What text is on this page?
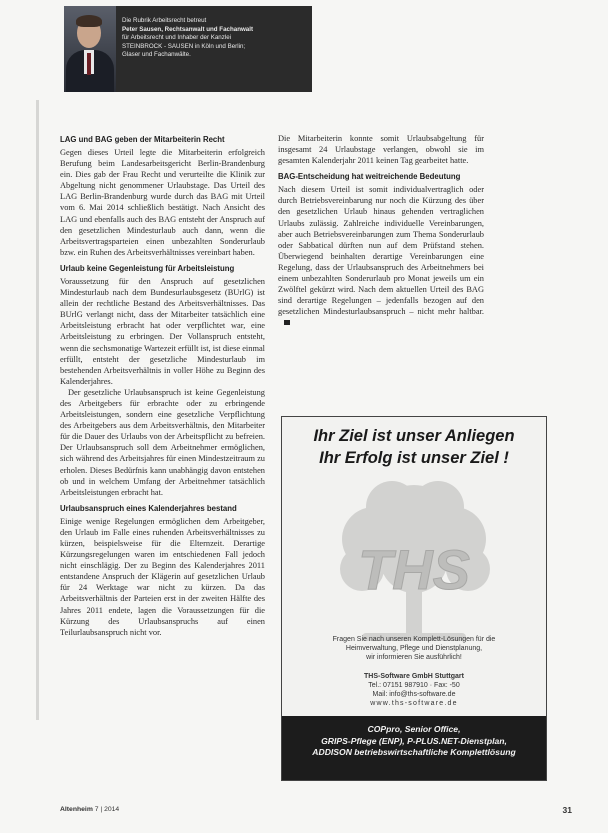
Die Rubrik Arbeitsrecht betreut
Peter Sausen, Rechtsanwalt und Fachanwalt
für Arbeitsrecht und Inhaber der Kanzlei
STEINBROCK - SAUSEN in Köln und Berlin;
Glaser und Fachanwälte.
LAG und BAG geben der Mitarbeiterin Recht

Gegen dieses Urteil legte die Mitarbeiterin erfolgreich Berufung beim Landesarbeitsgericht Berlin-Brandenburg ein. Dies gab der Frau Recht und verurteilte die Klinik zur Abgeltung nicht genommener Urlaubstage. Das Urteil des LAG Berlin-Brandenburg wurde durch das BAG mit Urteil vom 6. Mai 2014 schließlich bestätigt. Nach Ansicht des LAG und ebenfalls auch des BAG entsteht der Anspruch auf den gesetzlichen Mindesturlaub auch dann, wenn die Arbeitsvertragsparteien einen unbezahlten Sonderurlaub bzw. ein Ruhen des Arbeitsverhältnisses vereinbart haben.

Urlaub keine Gegenleistung für Arbeitsleistung

Voraussetzung für den Anspruch auf gesetzlichen Mindesturlaub nach dem Bundesurlaubsgesetz (BUrlG) ist allein der rechtliche Bestand des Arbeitsverhältnisses. Das BUrlG verlangt nicht, dass der Mitarbeiter tatsächlich eine Arbeitsleistung erbracht hat oder verpflichtet war, eine Arbeitsleistung zu erbringen. Der Vollanspruch entsteht, wenn die sechsmonatige Wartezeit erfüllt ist, ist diese einmal erfüllt, entsteht der gesetzliche Mindesturlaub im bestehenden Arbeitsverhältnis in voller Höhe zu Beginn des Kalenderjahres.

Der gesetzliche Urlaubsanspruch ist keine Gegenleistung des Arbeitgebers für erbrachte oder zu erbringende Arbeitsleistungen, sondern eine gesetzliche Verpflichtung des Arbeitgebers aus dem Arbeitsverhältnis, den Mitarbeiter für die Dauer des Urlaubs von der Arbeitspflicht zu befreien. Der Urlaubsanspruch soll dem Arbeitnehmer ermöglichen, sich während des Arbeitsjahres für einen Mindestzeitraum zu erholen. Dieses Bedürfnis kann unabhängig davon entstehen ob und in welchem Umfang der Arbeitnehmer tatsächlich Arbeitsleistungen erbracht hat.

Urlaubsanspruch eines Kalenderjahres bestand

Einige wenige Regelungen ermöglichen dem Arbeitgeber, den Urlaub im Falle eines ruhenden Arbeitsverhältnisses zu kürzen, beispielsweise für die Elternzeit. Derartige Kürzungsregelungen waren im entschiedenen Fall jedoch nicht einschlägig. Der zu Beginn des Kalenderjahres 2011 entstandene Anspruch der Klägerin auf gesetzlichen Urlaub für 24 Werktage war nicht zu kürzen. Da das Arbeitsverhältnis der Parteien erst in der zweiten Hälfte des Jahres 2011 endete, lagen die Voraussetzungen für die Kürzung des Urlaubsanspruchs auf einen Teilurlaubsanspruch nicht vor.

Die Mitarbeiterin konnte somit Urlaubsabgeltung für insgesamt 24 Urlaubstage verlangen, obwohl sie im gesamten Kalenderjahr 2011 keinen Tag gearbeitet hatte.

BAG-Entscheidung hat weitreichende Bedeutung

Nach diesem Urteil ist somit individualvertraglich oder durch Betriebsvereinbarung nur noch die Kürzung des über den gesetzlichen Urlaub hinaus gehenden vertraglichen Urlaubs zulässig. Zahlreiche individuelle Vereinbarungen, aber auch Betriebsvereinbarungen zum Thema Sonderurlaub oder Sabbatical dürften nun auf dem Prüfstand stehen. Überwiegend beinhalten derartige Vereinbarungen eine Regelung, dass der Urlaubsanspruch des Arbeitnehmers bei einem unbezahlten Sonderurlaub pro Monat jeweils um ein Zwölftel gekürzt wird. Nach dem aktuellen Urteil des BAG sind derartige Regelungen – jedenfalls bezogen auf den gesetzlichen Mindesturlaubsanspruch – nicht mehr haltbar.

Ihr Ziel ist unser Anliegen
Ihr Erfolg ist unser Ziel !
THS
Fragen Sie nach unseren Komplett-Lösungen für die
Heimverwaltung, Pflege und Dienstplanung,
wir informieren Sie ausführlich!
THS-Software GmbH Stuttgart
Tel.: 07151 987910 · Fax: -50
Mail: info@ths-software.de
www.ths-software.de
COPpro, Senior Office,
GRIPS-Pflege (ENP), P-PLUS.NET-Dienstplan,
ADDISON betriebswirtschaftliche Komplettlösung
Altenheim 7 | 2014	31
